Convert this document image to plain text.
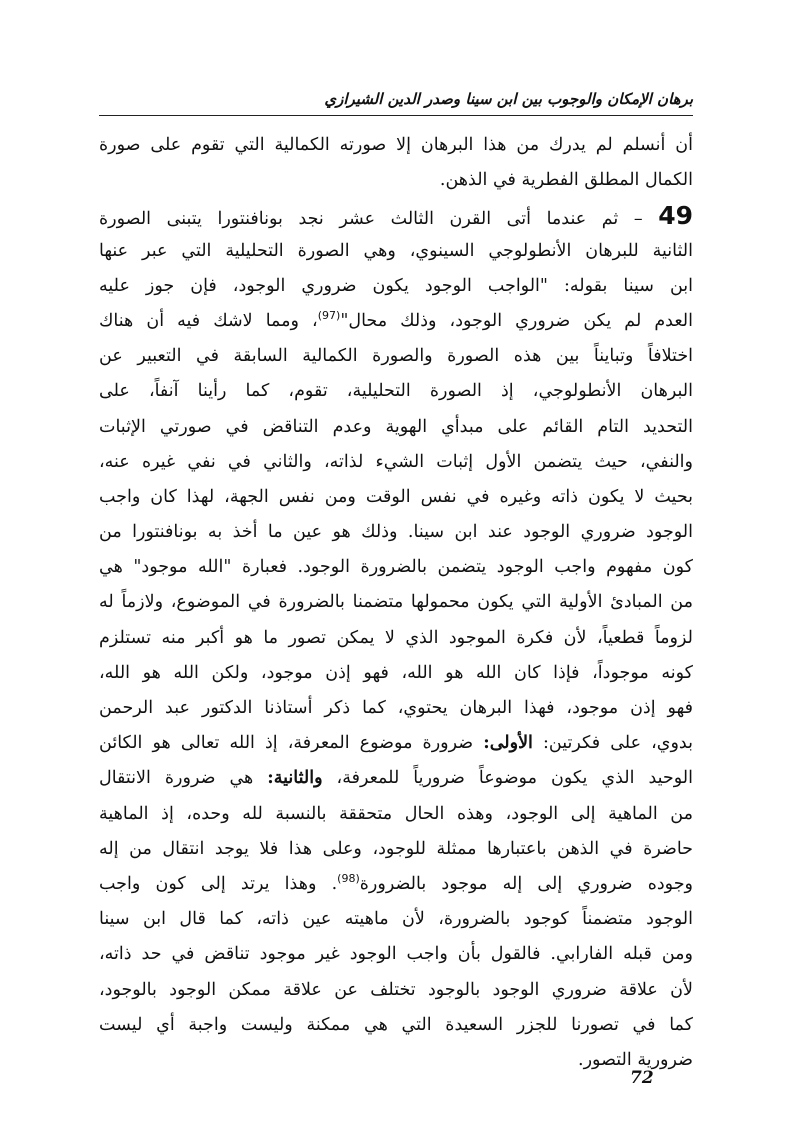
برهان الإمكان والوجوب بين ابن سينا وصدر الدين الشيرازي
أن أنسلم لم يدرك من هذا البرهان إلا صورته الكمالية التي تقوم على صورة
الكمال المطلق الفطرية في الذهن.
49 – ثم عندما أتى القرن الثالث عشر نجد بونافنتورا يتبنى الصورة
الثانية للبرهان الأنطولوجي السينوي، وهي الصورة التحليلية التي عبر عنها
ابن سينا بقوله: "الواجب الوجود يكون ضروري الوجود، فإن جوز عليه
العدم لم يكن ضروري الوجود، وذلك محال"$^{(97)}$، ومما لاشك فيه أن هناك
اختلافاً وتبايناً بين هذه الصورة والصورة الكمالية السابقة في التعبير عن
البرهان الأنطولوجي، إذ الصورة التحليلية، تقوم، كما رأينا آنفاً، على
التحديد التام القائم على مبدأي الهوية وعدم التناقض في صورتي الإثبات
والنفي، حيث يتضمن الأول إثبات الشيء لذاته، والثاني في نفي غيره عنه،
بحيث لا يكون ذاته وغيره في نفس الوقت ومن نفس الجهة، لهذا كان واجب
الوجود ضروري الوجود عند ابن سينا. وذلك هو عين ما أخذ به بونافنتورا من
كون مفهوم واجب الوجود يتضمن بالضرورة الوجود. فعبارة "الله موجود" هي
من المبادئ الأولية التي يكون محمولها متضمنا بالضرورة في الموضوع، ولازماً له
لزوماً قطعياً، لأن فكرة الموجود الذي لا يمكن تصور ما هو أكبر منه تستلزم
كونه موجوداً، فإذا كان الله هو الله، فهو إذن موجود، ولكن الله هو الله،
فهو إذن موجود، فهذا البرهان يحتوي، كما ذكر أستاذنا الدكتور عبد الرحمن
بدوي، على فكرتين: الأولى: ضرورة موضوع المعرفة، إذ الله تعالى هو الكائن
الوحيد الذي يكون موضوعاً ضرورياً للمعرفة، والثانية: هي ضرورة الانتقال
من الماهية إلى الوجود، وهذه الحال متحققة بالنسبة لله وحده، إذ الماهية
حاضرة في الذهن باعتبارها ممثلة للوجود، وعلى هذا فلا يوجد انتقال من إله
وجوده ضروري إلى إله موجود بالضرورة$^{(98)}$. وهذا يرتد إلى كون واجب
الوجود متضمناً كوجود بالضرورة، لأن ماهيته عين ذاته، كما قال ابن سينا
ومن قبله الفارابي. فالقول بأن واجب الوجود غير موجود تناقض في حد ذاته،
لأن علاقة ضروري الوجود بالوجود تختلف عن علاقة ممكن الوجود بالوجود،
كما في تصورنا للجزر السعيدة التي هي ممكنة وليست واجبة أي ليست
ضرورية التصور.
72
